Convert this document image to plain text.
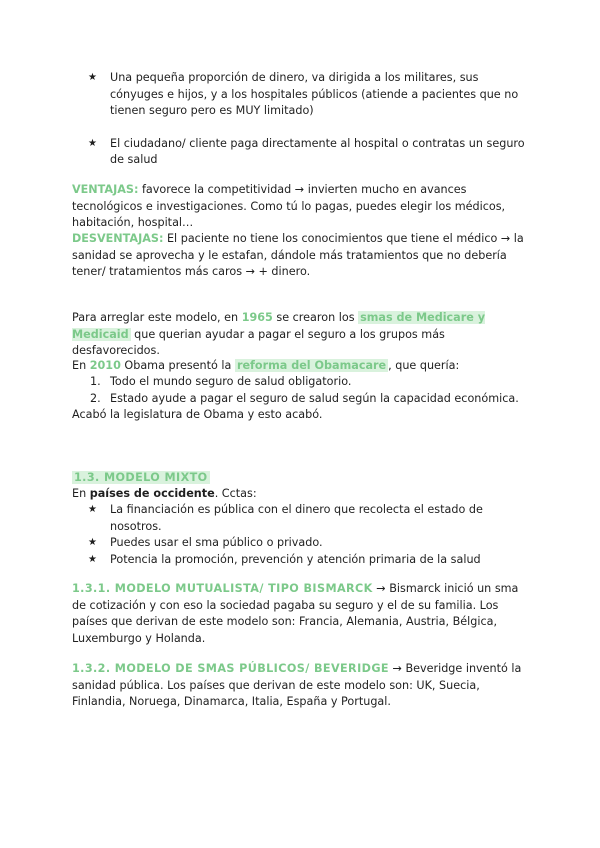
★ Una pequeña proporción de dinero, va dirigida a los militares, sus cónyuges e hijos, y a los hospitales públicos (atiende a pacientes que no tienen seguro pero es MUY limitado)
★ El ciudadano/ cliente paga directamente al hospital o contratas un seguro de salud

VENTAJAS: favorece la competitividad → invierten mucho en avances tecnológicos e investigaciones. Como tú lo pagas, puedes elegir los médicos, habitación, hospital…

DESVENTAJAS: El paciente no tiene los conocimientos que tiene el médico → la sanidad se aprovecha y le estafan, dándole más tratamientos que no debería tener/ tratamientos más caros → + dinero.

Para arreglar este modelo, en 1965 se crearon los smas de Medicare y Medicaid que querian ayudar a pagar el seguro a los grupos más desfavorecidos.

En 2010 Obama presentó la reforma del Obamacare , que quería:

1. Todo el mundo seguro de salud obligatorio.
2. Estado ayude a pagar el seguro de salud según la capacidad económica.

Acabó la legislatura de Obama y esto acabó.

1.3. MODELO MIXTO

En países de occidente. Cctas:

★ La financiación es pública con el dinero que recolecta el estado de nosotros.
★ Puedes usar el sma público o privado.
★ Potencia la promoción, prevención y atención primaria de la salud

1.3.1. MODELO MUTUALISTA/ TIPO BISMARCK → Bismarck inició un sma de cotización y con eso la sociedad pagaba su seguro y el de su familia. Los países que derivan de este modelo son: Francia, Alemania, Austria, Bélgica, Luxemburgo y Holanda.

1.3.2. MODELO DE SMAS PÚBLICOS/ BEVERIDGE → Beveridge inventó la sanidad pública. Los países que derivan de este modelo son: UK, Suecia, Finlandia, Noruega, Dinamarca, Italia, España y Portugal.
